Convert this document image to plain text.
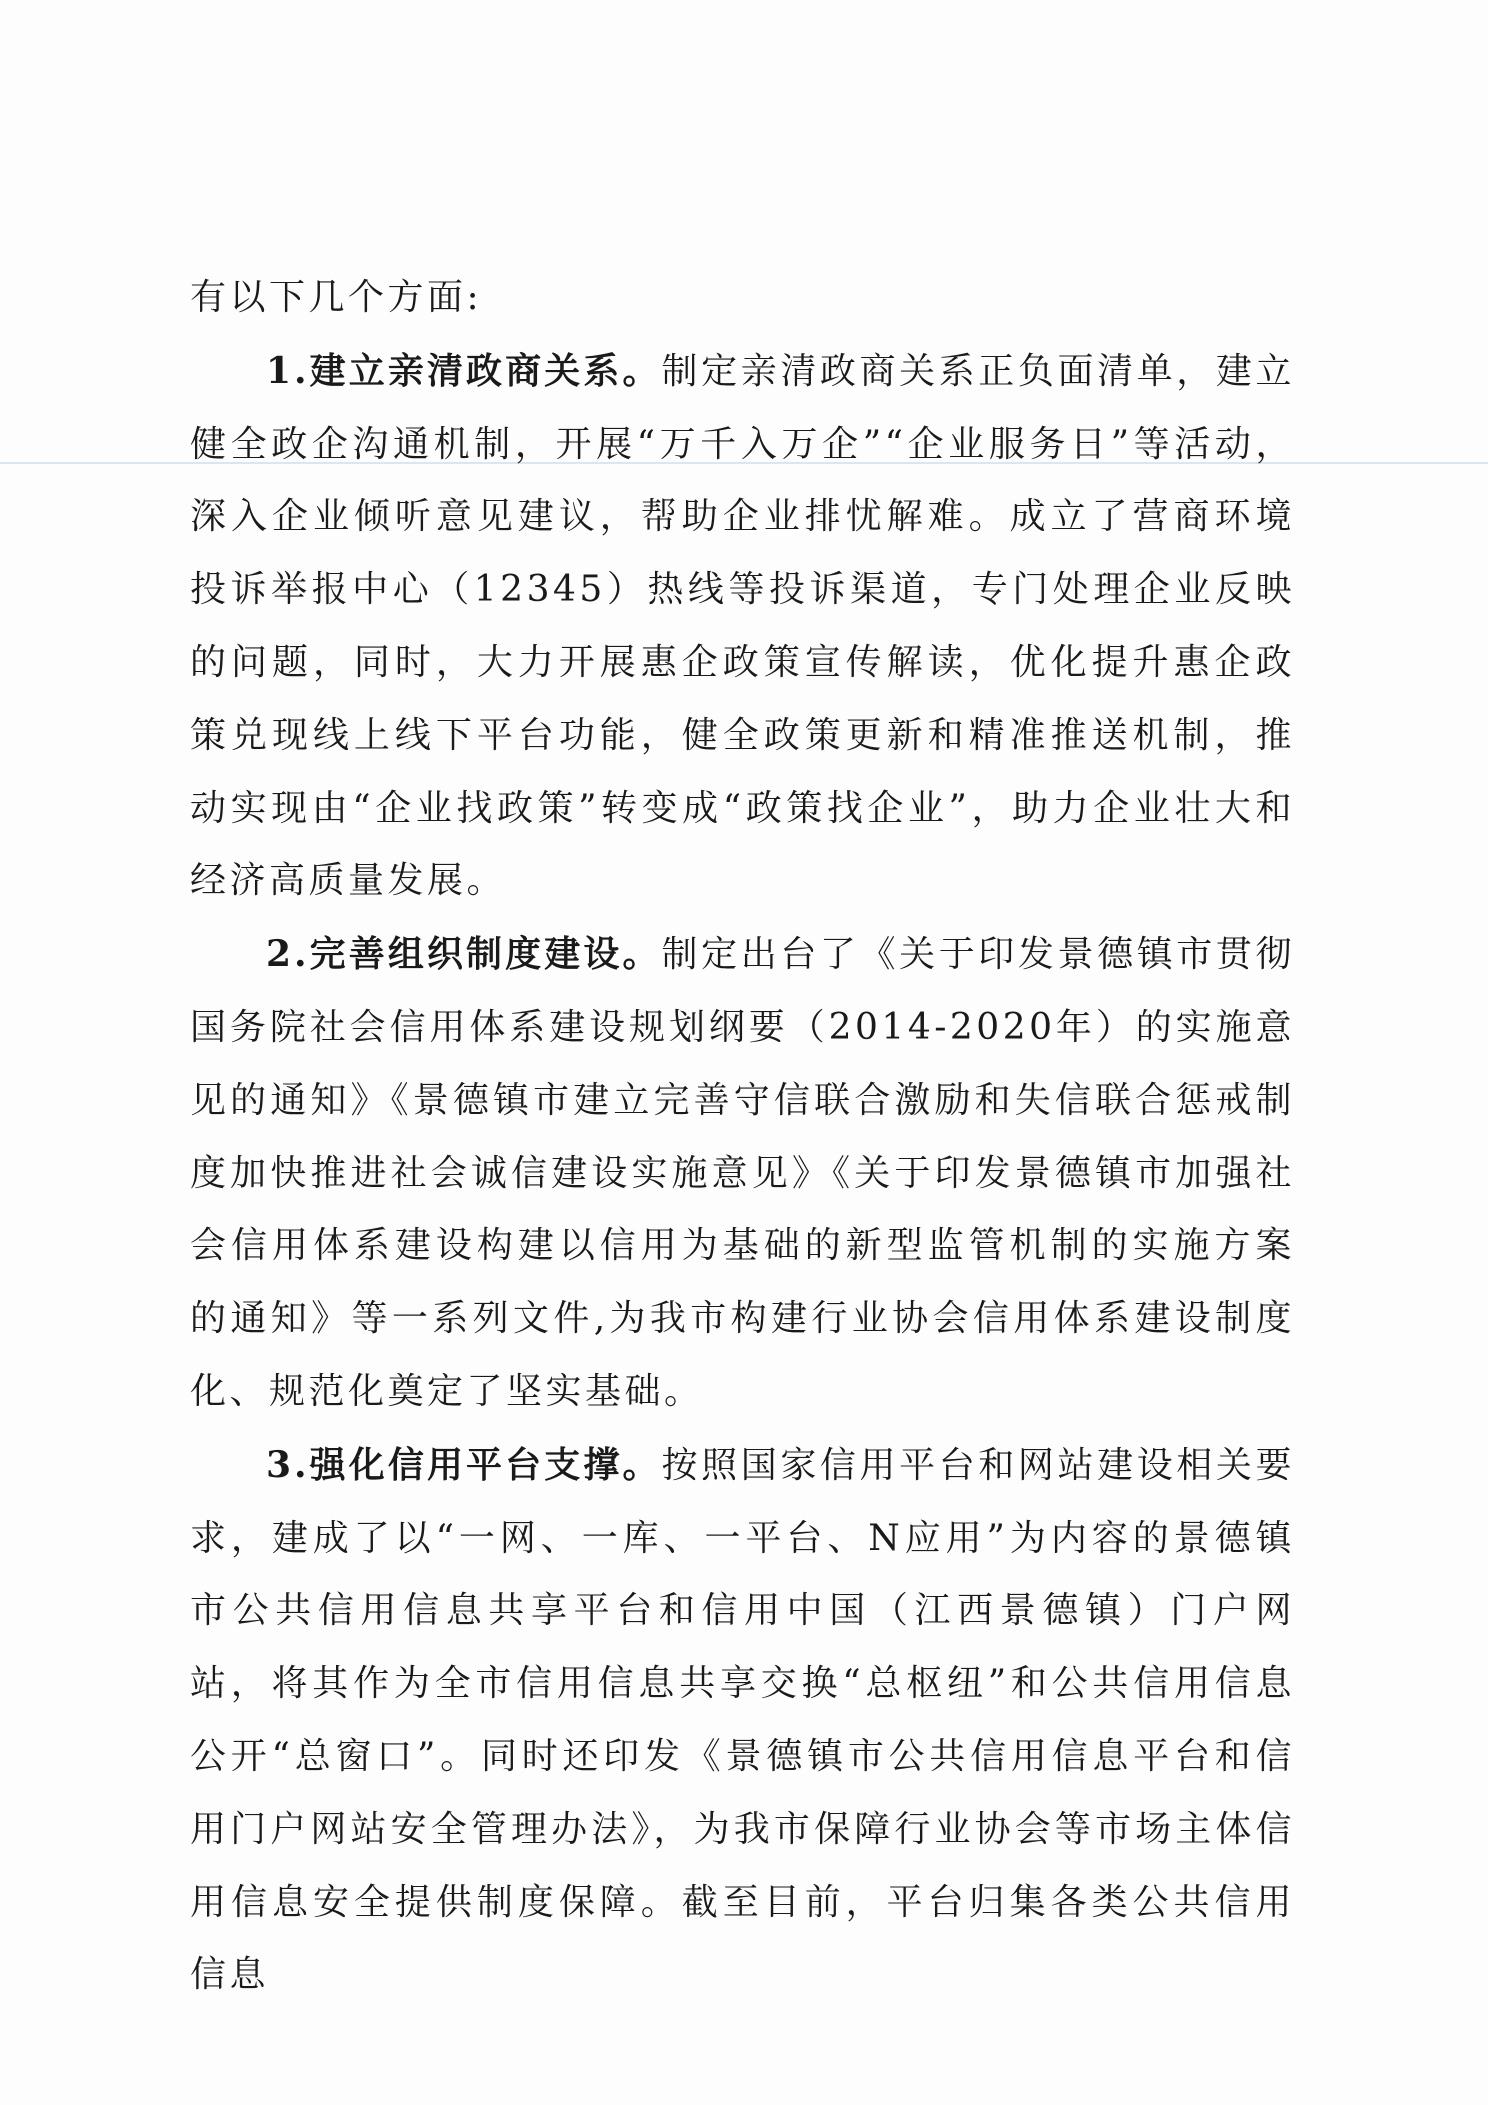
有以下几个方面:

1.建立亲清政商关系。制定亲清政商关系正负面清单，建立健全政企沟通机制，开展“万千入万企”“企业服务日”等活动，深入企业倾听意见建议，帮助企业排忧解难。成立了营商环境投诉举报中心（12345）热线等投诉渠道，专门处理企业反映的问题，同时，大力开展惠企政策宣传解读，优化提升惠企政策兑现线上线下平台功能，健全政策更新和精准推送机制，推动实现由“企业找政策”转变成“政策找企业”，助力企业壮大和经济高质量发展。

2.完善组织制度建设。制定出台了《关于印发景德镇市贯彻国务院社会信用体系建设规划纲要（2014-2020年）的实施意见的通知》《景德镇市建立完善守信联合激励和失信联合惩戒制度加快推进社会诚信建设实施意见》《关于印发景德镇市加强社会信用体系建设构建以信用为基础的新型监管机制的实施方案的通知》等一系列文件,为我市构建行业协会信用体系建设制度化、规范化奠定了坚实基础。

3.强化信用平台支撑。按照国家信用平台和网站建设相关要求，建成了以“一网、一库、一平台、N应用”为内容的景德镇市公共信用信息共享平台和信用中国（江西景德镇）门户网站，将其作为全市信用信息共享交换“总枢纽”和公共信用信息公开“总窗口”。同时还印发《景德镇市公共信用信息平台和信用门户网站安全管理办法》，为我市保障行业协会等市场主体信用信息安全提供制度保障。截至目前，平台归集各类公共信用信息
